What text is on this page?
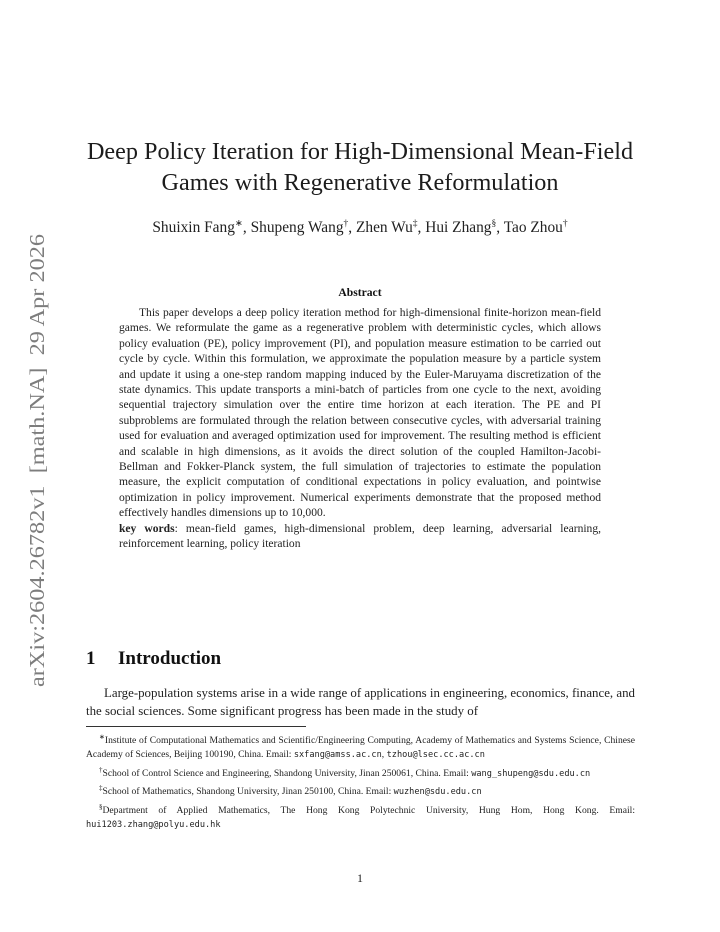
arXiv:2604.26782v1  [math.NA]  29 Apr 2026
Deep Policy Iteration for High-Dimensional Mean-Field
Games with Regenerative Reformulation
Shuixin Fang∗, Shupeng Wang†, Zhen Wu‡, Hui Zhang§, Tao Zhou†
Abstract

This paper develops a deep policy iteration method for high-dimensional finite-horizon mean-field games. We reformulate the game as a regenerative problem with deterministic cycles, which allows policy evaluation (PE), policy improvement (PI), and population measure estimation to be carried out cycle by cycle. Within this formulation, we approximate the population measure by a particle system and update it using a one-step random mapping induced by the Euler-Maruyama discretization of the state dynamics. This update transports a mini-batch of particles from one cycle to the next, avoiding sequential trajectory simulation over the entire time horizon at each iteration. The PE and PI subproblems are formulated through the relation between consecutive cycles, with adversarial training used for evaluation and averaged optimization used for improvement. The resulting method is efficient and scalable in high dimensions, as it avoids the direct solution of the coupled Hamilton-Jacobi-Bellman and Fokker-Planck system, the full simulation of trajectories to estimate the population measure, the explicit computation of conditional expectations in policy evaluation, and pointwise optimization in policy improvement. Numerical experiments demonstrate that the proposed method effectively handles dimensions up to 10,000.

key words: mean-field games, high-dimensional problem, deep learning, adversarial learning, reinforcement learning, policy iteration

1 Introduction

Large-population systems arise in a wide range of applications in engineering, economics, finance, and the social sciences. Some significant progress has been made in the study of

∗Institute of Computational Mathematics and Scientific/Engineering Computing, Academy of Mathematics and Systems Science, Chinese Academy of Sciences, Beijing 100190, China. Email: sxfang@amss.ac.cn, tzhou@lsec.cc.ac.cn

†School of Control Science and Engineering, Shandong University, Jinan 250061, China. Email: wang_shupeng@sdu.edu.cn

‡School of Mathematics, Shandong University, Jinan 250100, China. Email: wuzhen@sdu.edu.cn

§Department of Applied Mathematics, The Hong Kong Polytechnic University, Hung Hom, Hong Kong. Email: hui1203.zhang@polyu.edu.hk

1
